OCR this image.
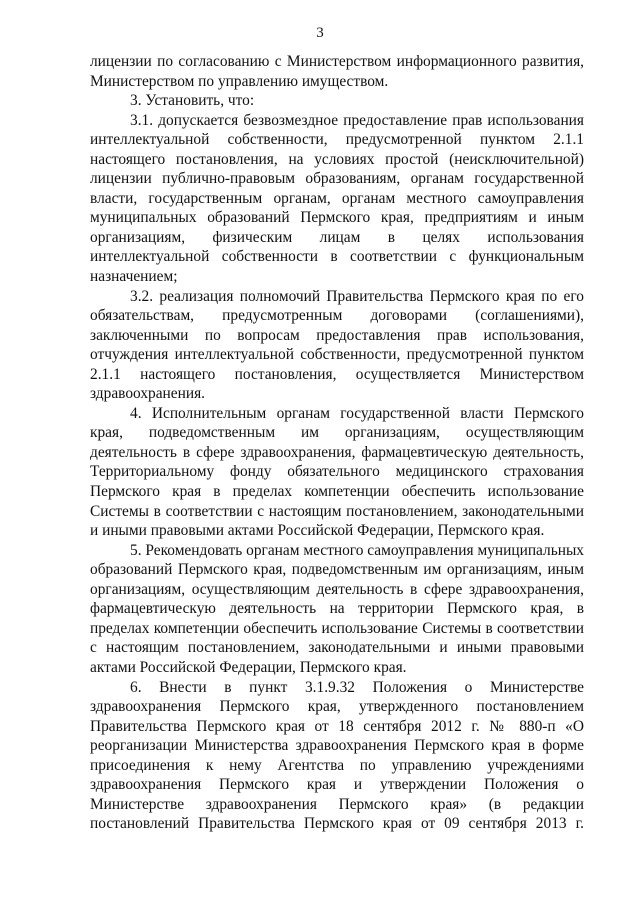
3

лицензии по согласованию с Министерством информационного развития, Министерством по управлению имуществом.

3. Установить, что:

3.1. допускается безвозмездное предоставление прав использования интеллектуальной собственности, предусмотренной пунктом 2.1.1 настоящего постановления, на условиях простой (неисключительной) лицензии публично-правовым образованиям, органам государственной власти, государственным органам, органам местного самоуправления муниципальных образований Пермского края, предприятиям и иным организациям, физическим лицам в целях использования интеллектуальной собственности в соответствии с функциональным назначением;

3.2. реализация полномочий Правительства Пермского края по его обязательствам, предусмотренным договорами (соглашениями), заключенными по вопросам предоставления прав использования, отчуждения интеллектуальной собственности, предусмотренной пунктом 2.1.1 настоящего постановления, осуществляется Министерством здравоохранения.

4. Исполнительным органам государственной власти Пермского края, подведомственным им организациям, осуществляющим деятельность в сфере здравоохранения, фармацевтическую деятельность, Территориальному фонду обязательного медицинского страхования Пермского края в пределах компетенции обеспечить использование Системы в соответствии с настоящим постановлением, законодательными и иными правовыми актами Российской Федерации, Пермского края.

5. Рекомендовать органам местного самоуправления муниципальных образований Пермского края, подведомственным им организациям, иным организациям, осуществляющим деятельность в сфере здравоохранения, фармацевтическую деятельность на территории Пермского края, в пределах компетенции обеспечить использование Системы в соответствии с настоящим постановлением, законодательными и иными правовыми актами Российской Федерации, Пермского края.

6. Внести в пункт 3.1.9.32 Положения о Министерстве здравоохранения Пермского края, утвержденного постановлением Правительства Пермского края от 18 сентября 2012 г. № 880-п «О реорганизации Министерства здравоохранения Пермского края в форме присоединения к нему Агентства по управлению учреждениями здравоохранения Пермского края и утверждении Положения о Министерстве здравоохранения Пермского края» (в редакции постановлений Правительства Пермского края от 09 сентября 2013 г.
